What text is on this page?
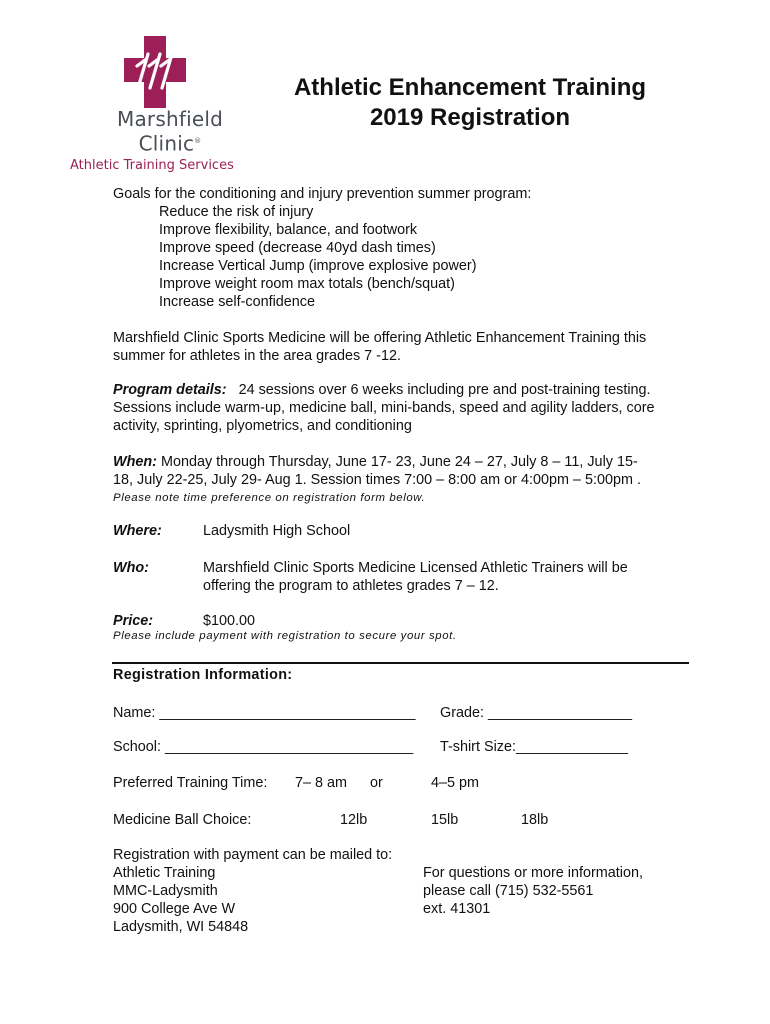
Marshfield
Clinic®
Athletic Training Services
Athletic Enhancement Training
2019 Registration
Goals for the conditioning and injury prevention summer program:
Reduce the risk of injury
Improve flexibility, balance, and footwork
Improve speed (decrease 40yd dash times)
Increase Vertical Jump (improve explosive power)
Improve weight room max totals (bench/squat)
Increase self-confidence
Marshfield Clinic Sports Medicine will be offering Athletic Enhancement Training this
summer for athletes in the area grades 7 -12.
Program details: 24 sessions over 6 weeks including pre and post-training testing.
Sessions include warm-up, medicine ball, mini-bands, speed and agility ladders, core
activity, sprinting, plyometrics, and conditioning
When: Monday through Thursday, June 17- 23, June 24 – 27, July 8 – 11, July 15-
18, July 22-25, July 29- Aug 1. Session times 7:00 – 8:00 am or 4:00pm – 5:00pm .
Please note time preference on registration form below.
Where:	Ladysmith High School
Who:	Marshfield Clinic Sports Medicine Licensed Athletic Trainers will be
offering the program to athletes grades 7 – 12.
Price:	$100.00
Please include payment with registration to secure your spot.
Registration Information:
Name: ________________________________ Grade: __________________
School: _______________________________ T-shirt Size:______________
Preferred Training Time: 7– 8 am or	4–5 pm
Medicine Ball Choice:	12lb	15lb	18lb
Registration with payment can be mailed to:
Athletic Training
MMC-Ladysmith
900 College Ave W
Ladysmith, WI 54848
For questions or more information,
please call (715) 532-5561
ext. 41301
